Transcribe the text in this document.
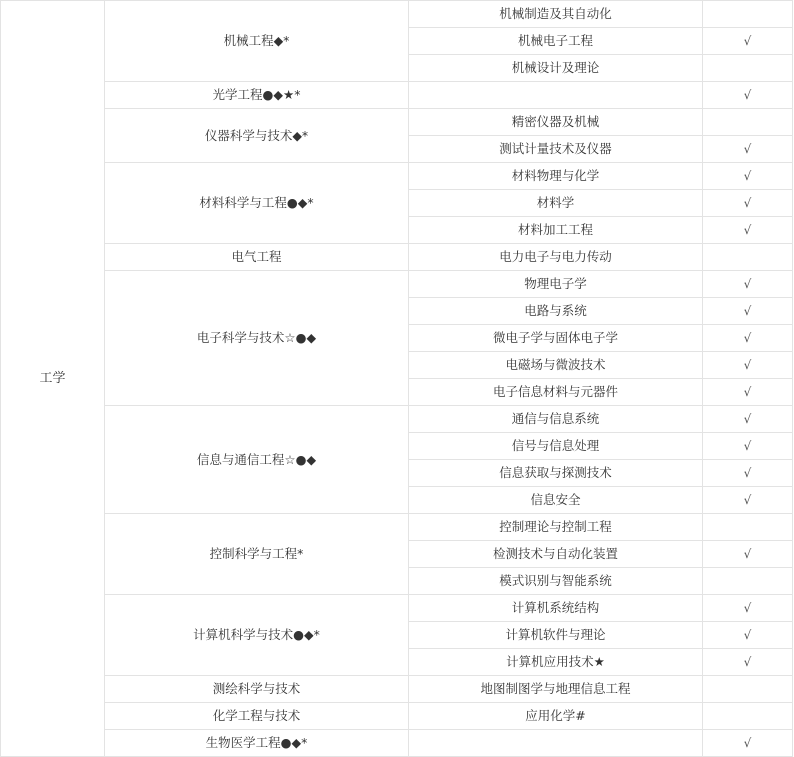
工学	机械工程◆*	机械制造及其自动化	
		机械电子工程	√
		机械设计及理论	
	光学工程●◆★*		√
	仪器科学与技术◆*	精密仪器及机械	
		测试计量技术及仪器	√
	材料科学与工程●◆*	材料物理与化学	√
		材料学	√
		材料加工工程	√
	电气工程	电力电子与电力传动	
	电子科学与技术☆●◆	物理电子学	√
		电路与系统	√
		微电子学与固体电子学	√
		电磁场与微波技术	√
		电子信息材料与元器件	√
	信息与通信工程☆●◆	通信与信息系统	√
		信号与信息处理	√
		信息获取与探测技术	√
		信息安全	√
	控制科学与工程*	控制理论与控制工程	
		检测技术与自动化装置	√
		模式识别与智能系统	
	计算机科学与技术●◆*	计算机系统结构	√
		计算机软件与理论	√
		计算机应用技术★	√
	测绘科学与技术	地图制图学与地理信息工程	
	化学工程与技术	应用化学#	
	生物医学工程●◆*		√
